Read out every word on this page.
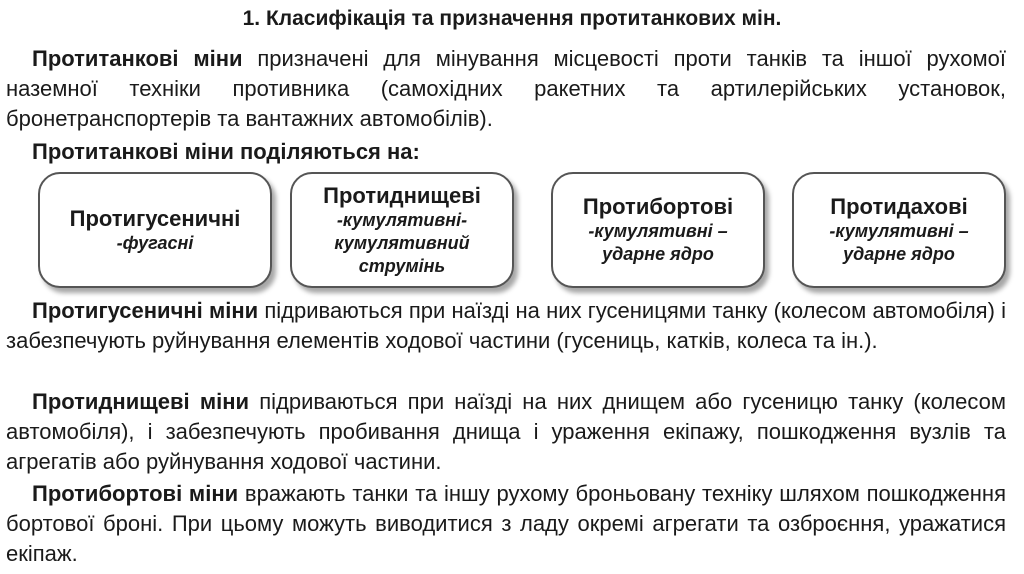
1. Класифікація та призначення протитанкових мін.
Протитанкові міни призначені для мінування місцевості проти танків та іншої рухомої наземної техніки противника (самохідних ракетних та артилерійських установок, бронетранспортерів та вантажних автомобілів).
Протитанкові міни поділяються на:
Протигусеничні
-фугасні
Протиднищеві
-кумулятивні-
кумулятивний
струмінь
Протибортові
-кумулятивні –
ударне ядро
Протидахові
-кумулятивні –
ударне ядро
Протигусеничні міни підриваються при наїзді на них гусеницями танку (колесом автомобіля) і забезпечують руйнування елементів ходової частини (гусениць, катків, колеса та ін.).
Протиднищеві міни підриваються при наїзді на них днищем або гусеницю танку (колесом автомобіля), і забезпечують пробивання днища і ураження екіпажу, пошкодження вузлів та агрегатів або руйнування ходової частини.
Протибортові міни вражають танки та іншу рухому броньовану техніку шляхом пошкодження бортової броні. При цьому можуть виводитися з ладу окремі агрегати та озброєння, уражатися екіпаж.
